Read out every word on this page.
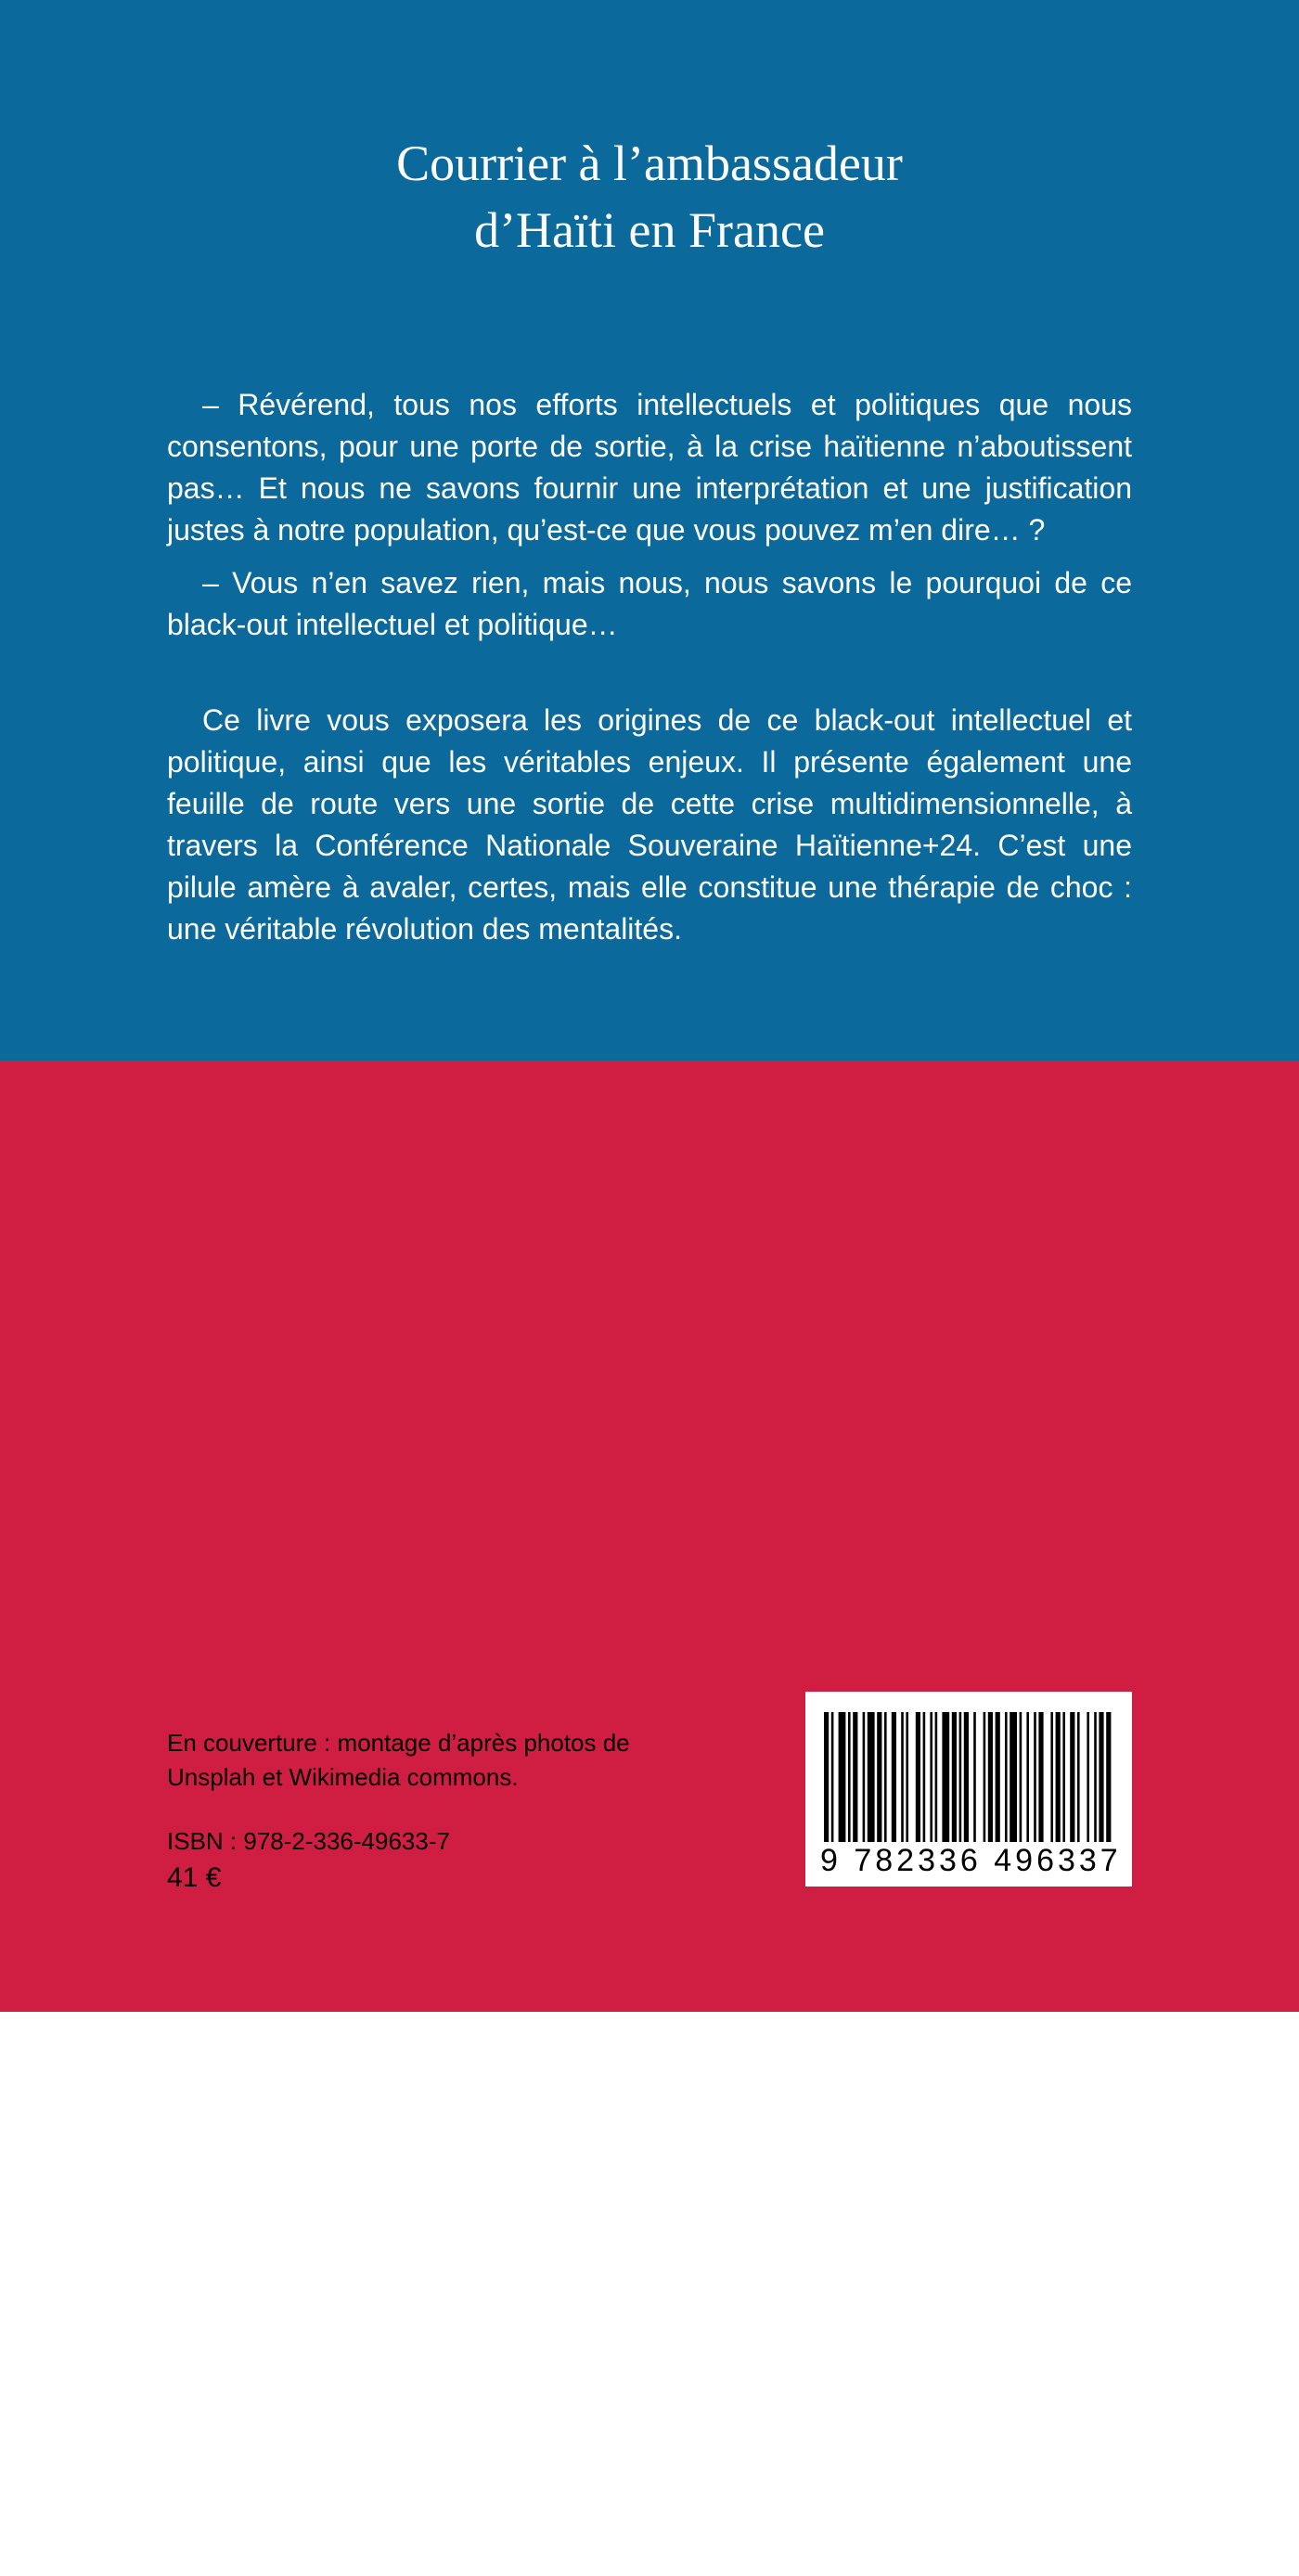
Courrier à l’ambassadeur
d’Haïti en France

– Révérend, tous nos efforts intellectuels et politiques que nous consentons, pour une porte de sortie, à la crise haïtienne n’aboutissent pas… Et nous ne savons fournir une interprétation et une justification justes à notre population, qu’est-ce que vous pouvez m’en dire… ?

– Vous n’en savez rien, mais nous, nous savons le pourquoi de ce black-out intellectuel et politique…

Ce livre vous exposera les origines de ce black-out intellectuel et politique, ainsi que les véritables enjeux. Il présente également une feuille de route vers une sortie de cette crise multidimensionnelle, à travers la Conférence Nationale Souveraine Haïtienne+24. C’est une pilule amère à avaler, certes, mais elle constitue une thérapie de choc : une véritable révolution des mentalités.

Gaston Mahoungou, né à Kinanga (Bouenza), est un auteur prolifique avec plus de 150 ouvrages religieux et politiques. Prédicateur de l’Évangile Éternel et ministre du Rétablissement de toutes choses, il préside l’ASAD (Association Sauvons l’Afrique Des Dangers). Il milite pour l’internationalisation du Mouvement des Conférences Nationales Souveraines+24, notamment en Afrique subsaharienne, dans les régions afro-caribéennes, latino-américaines, européennes et asiatiques en quête de démocratie participative.

En couverture : montage d’après photos de
Unsplah et Wikimedia commons.
ISBN : 978-2-336-49633-7
41 €	9 782336 496337
